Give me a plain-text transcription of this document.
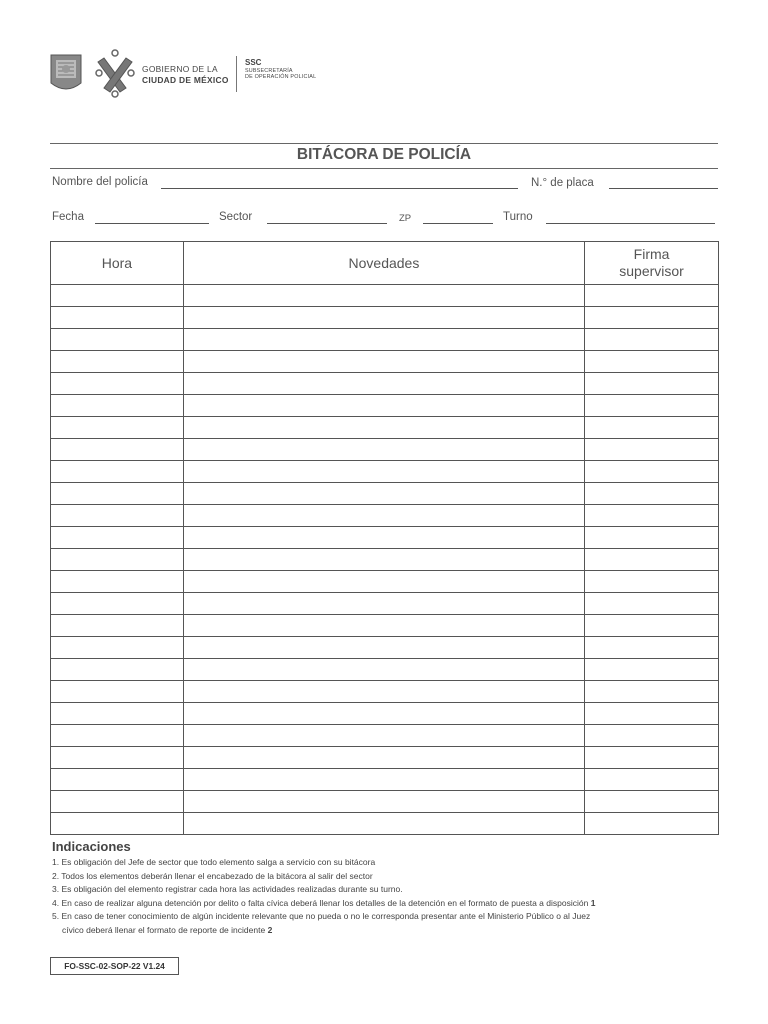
GOBIERNO DE LA
CIUDAD DE MÉXICO
SSC
SUBSECRETARÍA
DE OPERACIÓN POLICIAL
BITÁCORA DE POLICÍA
Nombre del policía	N.° de placa
Fecha	Sector	ZP	Turno
Hora	Novedades	Firma supervisor

Indicaciones
1. Es obligación del Jefe de sector que todo elemento salga a servicio con su bitácora
2. Todos los elementos deberán llenar el encabezado de la bitácora al salir del sector
3. Es obligación del elemento registrar cada hora las actividades realizadas durante su turno.
4. En caso de realizar alguna detención por delito o falta cívica deberá llenar los detalles de la detención en el formato de puesta a disposición 1
5. En caso de tener conocimiento de algún incidente relevante que no pueda o no le corresponda presentar ante el Ministerio Público o al Juez
cívico deberá llenar el formato de reporte de incidente 2
FO-SSC-02-SOP-22 V1.24
